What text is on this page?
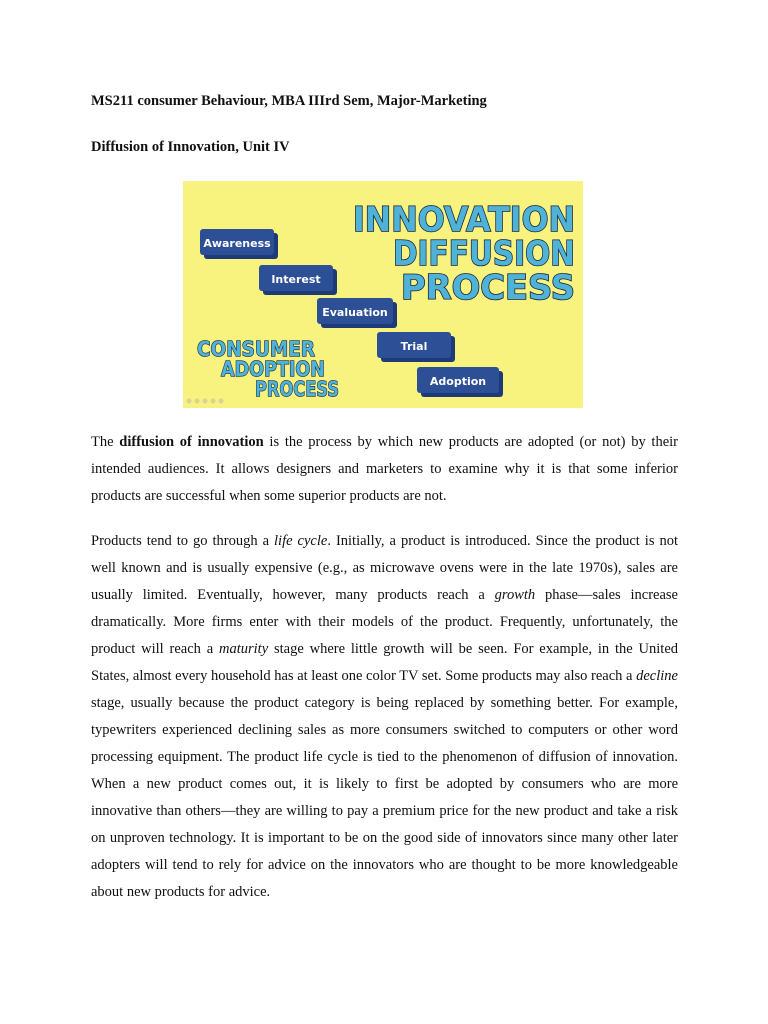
MS211 consumer Behaviour, MBA IIIrd Sem, Major-Marketing
Diffusion of Innovation, Unit IV
INNOVATION
DIFFUSION
PROCESS
CONSUMER
ADOPTION
PROCESS
Awareness
Interest
Evaluation
Trial
Adoption

The diffusion of innovation is the process by which new products are adopted (or not) by their intended audiences. It allows designers and marketers to examine why it is that some inferior products are successful when some superior products are not.

Products tend to go through a life cycle. Initially, a product is introduced. Since the product is not well known and is usually expensive (e.g., as microwave ovens were in the late 1970s), sales are usually limited. Eventually, however, many products reach a growth phase—sales increase dramatically. More firms enter with their models of the product. Frequently, unfortunately, the product will reach a maturity stage where little growth will be seen. For example, in the United States, almost every household has at least one color TV set. Some products may also reach a decline stage, usually because the product category is being replaced by something better. For example, typewriters experienced declining sales as more consumers switched to computers or other word processing equipment. The product life cycle is tied to the phenomenon of diffusion of innovation. When a new product comes out, it is likely to first be adopted by consumers who are more innovative than others—they are willing to pay a premium price for the new product and take a risk on unproven technology. It is important to be on the good side of innovators since many other later adopters will tend to rely for advice on the innovators who are thought to be more knowledgeable about new products for advice.
